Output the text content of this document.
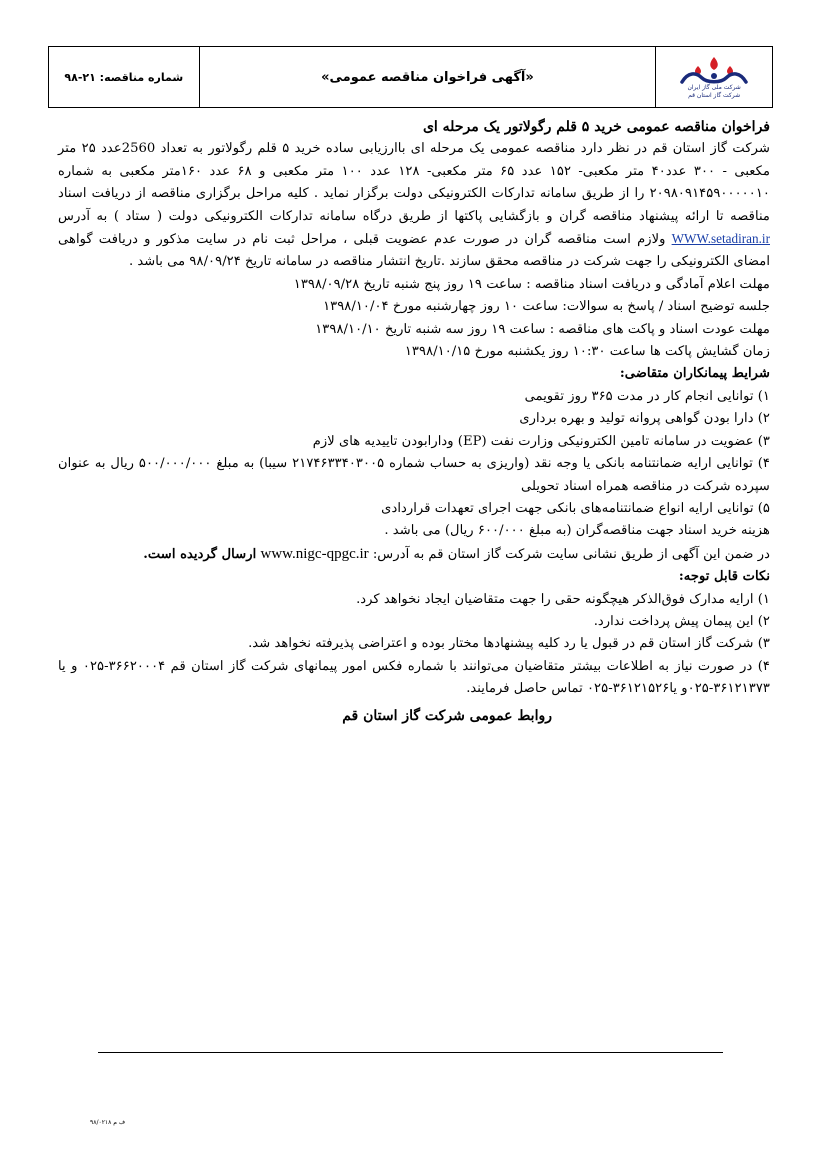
شماره مناقصه: ۲۱-۹۸	«آگهی فراخوان مناقصه عمومی»
شرکت ملی گاز ایران
شرکت گاز استان قم

فراخوان مناقصه عمومی خرید ۵ قلم رگولاتور یک مرحله ای

شرکت گاز استان قم در نظر دارد مناقصه عمومی یک مرحله ای باارزیابی ساده خرید ۵ قلم رگولاتور به تعداد 2560عدد ۲۵ متر مکعبی - ۳۰۰ عدد۴۰ متر مکعبی- ۱۵۲ عدد ۶۵ متر مکعبی- ۱۲۸ عدد ۱۰۰ متر مکعبی و ۶۸ عدد ۱۶۰متر مکعبی به شماره ۲۰۹۸۰۹۱۴۵۹۰۰۰۰۰۱۰ را از طریق سامانه تدارکات الکترونیکی دولت برگزار نماید . کلیه مراحل برگزاری مناقصه از دریافت اسناد مناقصه تا ارائه پیشنهاد مناقصه گران و بازگشایی پاکتها از طریق درگاه سامانه تدارکات الکترونیکی دولت ( ستاد ) به آدرس WWW.setadiran.ir ولازم است مناقصه گران در صورت عدم عضویت قبلی ، مراحل ثبت نام در سایت مذکور و دریافت گواهی امضای الکترونیکی را جهت شرکت در مناقصه محقق سازند .تاریخ انتشار مناقصه در سامانه تاریخ ۹۸/۰۹/۲۴ می باشد .

مهلت اعلام آمادگی و دریافت اسناد مناقصه : ساعت ۱۹ روز پنج شنبه تاریخ ۱۳۹۸/۰۹/۲۸

جلسه توضیح اسناد / پاسخ به سوالات: ساعت ۱۰ روز چهارشنبه مورخ ۱۳۹۸/۱۰/۰۴

مهلت عودت اسناد و پاکت های مناقصه : ساعت ۱۹ روز سه شنبه تاریخ ۱۳۹۸/۱۰/۱۰

زمان گشایش پاکت ها ساعت ۱۰:۳۰ روز یکشنبه مورخ ۱۳۹۸/۱۰/۱۵

شرایط پیمانکاران متقاضی:

۱) توانایی انجام کار در مدت ۳۶۵ روز تقویمی

۲) دارا بودن گواهی پروانه تولید و بهره برداری

۳) عضویت در سامانه تامین الکترونیکی وزارت نفت (EP) ودارابودن تاییدیه های لازم

۴) توانایی ارایه ضمانتنامه بانکی یا وجه نقد (واریزی به حساب شماره ۲۱۷۴۶۳۳۴۰۳۰۰۵ سیبا) به مبلغ ۵۰۰/۰۰۰/۰۰۰ ریال به عنوان سپرده شرکت در مناقصه همراه اسناد تحویلی

۵) توانایی ارایه انواع ضمانتنامه‌های بانکی جهت اجرای تعهدات قراردادی

هزینه خرید اسناد جهت مناقصه‌گران (به مبلغ ۶۰۰/۰۰۰ ریال) می باشد .

در ضمن این آگهی از طریق نشانی سایت شرکت گاز استان قم به آدرس: www.nigc-qpgc.ir ارسال گردیده است.

نکات قابل توجه:

۱) ارایه مدارک فوق‌الذکر هیچگونه حقی را جهت متقاضیان ایجاد نخواهد کرد.

۲) این پیمان پیش پرداخت ندارد.

۳) شرکت گاز استان قم در قبول یا رد کلیه پیشنهادها مختار بوده و اعتراضی پذیرفته نخواهد شد.

۴) در صورت نیاز به اطلاعات بیشتر متقاضیان می‌توانند با شماره فکس امور پیمانهای شرکت گاز استان قم ۳۶۶۲۰۰۰۴-۰۲۵ و یا ۳۶۱۲۱۳۷۳-۰۲۵و یا۳۶۱۲۱۵۲۶-۰۲۵ تماس حاصل فرمایند.

روابط عمومی شرکت گاز استان قم

ف م ۹۸/۰۲۱۸
